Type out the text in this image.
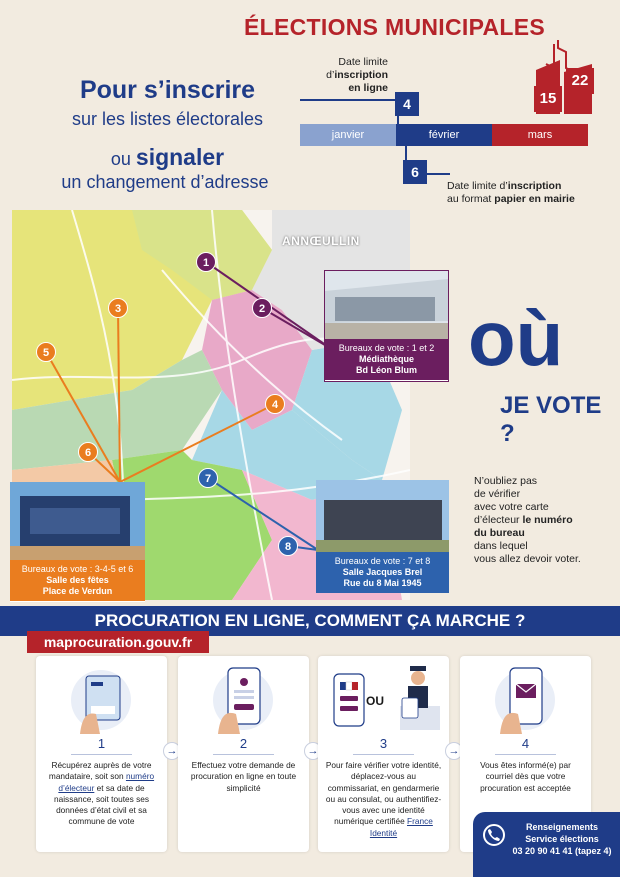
ÉLECTIONS MUNICIPALES
15
22
Pour s’inscrire
sur les listes électorales
ou signaler
un changement d’adresse
Date limite
d’inscription
en ligne
4
janvier	février	mars
6
Date limite d’inscription
au format papier en mairie
ANNŒULLIN
1
2
3
4
5
6
7
8
Bureaux de vote : 1 et 2
Médiathèque
Bd Léon Blum
Bureaux de vote : 3-4-5 et 6
Salle des fêtes
Place de Verdun
Bureaux de vote : 7 et 8
Salle Jacques Brel
Rue du 8 Mai 1945
où
JE VOTE ?
N’oubliez pas
de vérifier
avec votre carte
d’électeur le numéro
du bureau
dans lequel
vous allez devoir voter.
PROCURATION EN LIGNE, COMMENT ÇA MARCHE ?
maprocuration.gouv.fr
1
Récupérez auprès de votre mandataire, soit son numéro d’électeur et sa date de naissance, soit toutes ses données d’état civil et sa commune de vote
→	2
Effectuez votre demande de procuration en ligne en toute simplicité
→
OU
3
Pour faire vérifier votre identité, déplacez-vous au commissariat, en gendarmerie ou au consulat, ou authentifiez-vous avec une identité numérique certifiée France Identité
→	4
Vous êtes informé(e) par courriel dès que votre procuration est acceptée
Renseignements
Service élections
03 20 90 41 41 (tapez 4)
